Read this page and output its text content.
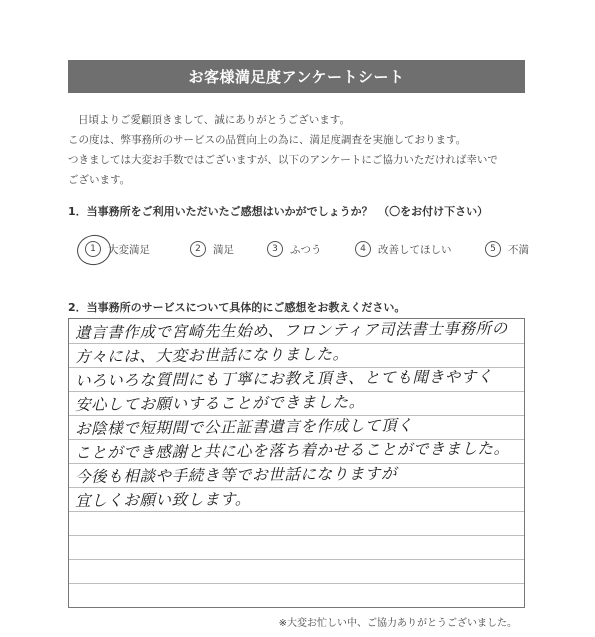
お客様満足度アンケートシート
日頃よりご愛顧頂きまして、誠にありがとうございます。
この度は、弊事務所のサービスの品質向上の為に、満足度調査を実施しております。
つきましては大変お手数ではございますが、以下のアンケートにご協力いただければ幸いで
ございます。
1．当事務所をご利用いただいたご感想はいかがでしょうか？　（〇をお付け下さい）
1	大変満足	2	満足	3	ふつう	4	改善してほしい	5	不満
2．当事務所のサービスについて具体的にご感想をお教えください。
遺言書作成で宮崎先生始め、フロンティア司法書士事務所の
方々には、大変お世話になりました。
いろいろな質問にも丁寧にお教え頂き、とても聞きやすく
安心してお願いすることができました。
お陰様で短期間で公正証書遺言を作成して頂く
ことができ感謝と共に心を落ち着かせることができました。
今後も相談や手続き等でお世話になりますが
宜しくお願い致します。
※大変お忙しい中、ご協力ありがとうございました。
